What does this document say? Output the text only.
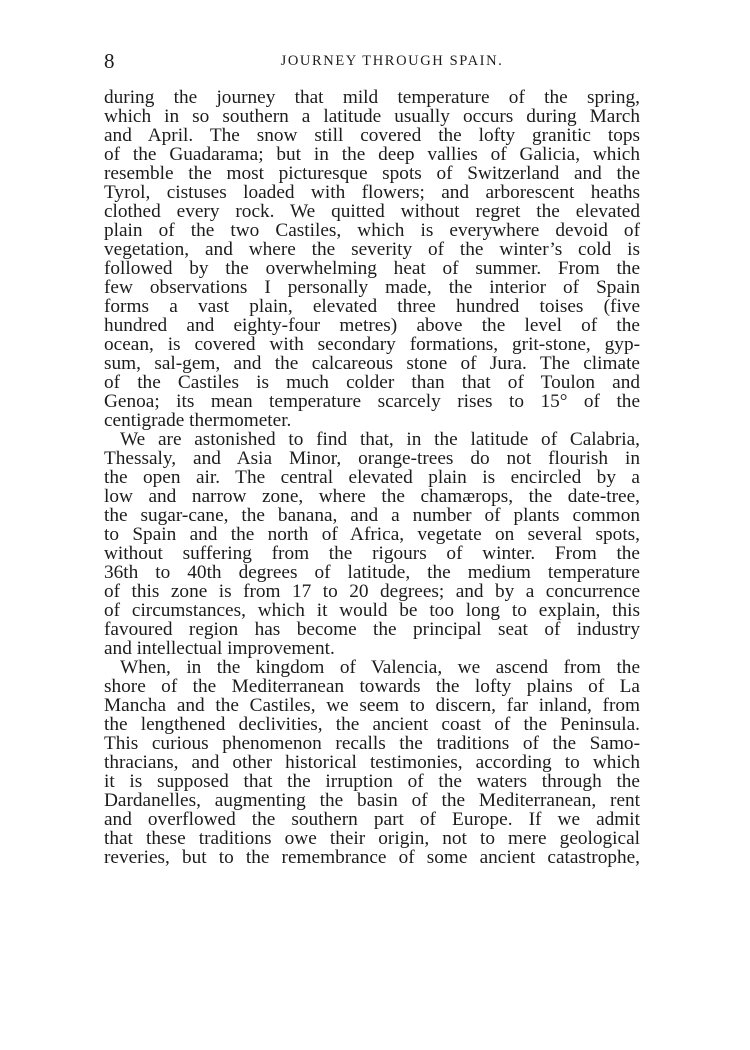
8	JOURNEY THROUGH SPAIN.
during the journey that mild temperature of the spring,
which in so southern a latitude usually occurs during March
and April. The snow still covered the lofty granitic tops
of the Guadarama; but in the deep vallies of Galicia, which
resemble the most picturesque spots of Switzerland and the
Tyrol, cistuses loaded with flowers; and arborescent heaths
clothed every rock. We quitted without regret the elevated
plain of the two Castiles, which is everywhere devoid of
vegetation, and where the severity of the winter’s cold is
followed by the overwhelming heat of summer. From the
few observations I personally made, the interior of Spain
forms a vast plain, elevated three hundred toises (five
hundred and eighty-four metres) above the level of the
ocean, is covered with secondary formations, grit-stone, gyp-
sum, sal-gem, and the calcareous stone of Jura. The climate
of the Castiles is much colder than that of Toulon and
Genoa; its mean temperature scarcely rises to 15° of the
centigrade thermometer.
We are astonished to find that, in the latitude of Calabria,
Thessaly, and Asia Minor, orange-trees do not flourish in
the open air. The central elevated plain is encircled by a
low and narrow zone, where the chamærops, the date-tree,
the sugar-cane, the banana, and a number of plants common
to Spain and the north of Africa, vegetate on several spots,
without suffering from the rigours of winter. From the
36th to 40th degrees of latitude, the medium temperature
of this zone is from 17 to 20 degrees; and by a concurrence
of circumstances, which it would be too long to explain, this
favoured region has become the principal seat of industry
and intellectual improvement.
When, in the kingdom of Valencia, we ascend from the
shore of the Mediterranean towards the lofty plains of La
Mancha and the Castiles, we seem to discern, far inland, from
the lengthened declivities, the ancient coast of the Peninsula.
This curious phenomenon recalls the traditions of the Samo-
thracians, and other historical testimonies, according to which
it is supposed that the irruption of the waters through the
Dardanelles, augmenting the basin of the Mediterranean, rent
and overflowed the southern part of Europe. If we admit
that these traditions owe their origin, not to mere geological
reveries, but to the remembrance of some ancient catastrophe,
